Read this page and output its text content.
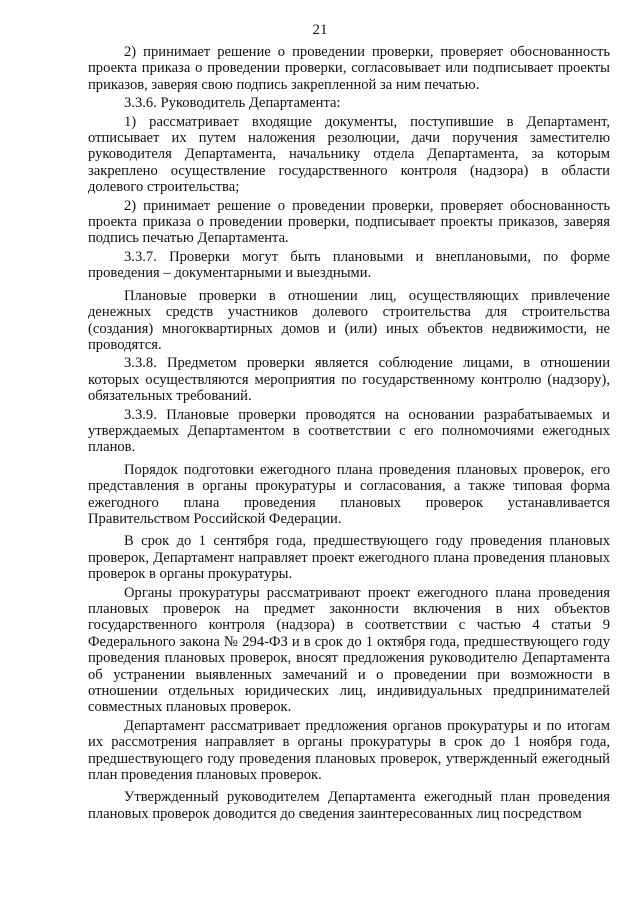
21

2) принимает решение о проведении проверки, проверяет обоснованность проекта приказа о проведении проверки, согласовывает или подписывает проекты приказов, заверяя свою подпись закрепленной за ним печатью.

3.3.6. Руководитель Департамента:

1) рассматривает входящие документы, поступившие в Департамент, отписывает их путем наложения резолюции, дачи поручения заместителю руководителя Департамента, начальнику отдела Департамента, за которым закреплено осуществление государственного контроля (надзора) в области долевого строительства;

2) принимает решение о проведении проверки, проверяет обоснованность проекта приказа о проведении проверки, подписывает проекты приказов, заверяя подпись печатью Департамента.

3.3.7. Проверки могут быть плановыми и внеплановыми, по форме проведения – документарными и выездными.

Плановые проверки в отношении лиц, осуществляющих привлечение денежных средств участников долевого строительства для строительства (создания) многоквартирных домов и (или) иных объектов недвижимости, не проводятся.

3.3.8. Предметом проверки является соблюдение лицами, в отношении которых осуществляются мероприятия по государственному контролю (надзору), обязательных требований.

3.3.9. Плановые проверки проводятся на основании разрабатываемых и утверждаемых Департаментом в соответствии с его полномочиями ежегодных планов.

Порядок подготовки ежегодного плана проведения плановых проверок, его представления в органы прокуратуры и согласования, а также типовая форма ежегодного плана проведения плановых проверок устанавливается Правительством Российской Федерации.

В срок до 1 сентября года, предшествующего году проведения плановых проверок, Департамент направляет проект ежегодного плана проведения плановых проверок в органы прокуратуры.

Органы прокуратуры рассматривают проект ежегодного плана проведения плановых проверок на предмет законности включения в них объектов государственного контроля (надзора) в соответствии с частью 4 статьи 9 Федерального закона № 294-ФЗ и в срок до 1 октября года, предшествующего году проведения плановых проверок, вносят предложения руководителю Департамента об устранении выявленных замечаний и о проведении при возможности в отношении отдельных юридических лиц, индивидуальных предпринимателей совместных плановых проверок.

Департамент рассматривает предложения органов прокуратуры и по итогам их рассмотрения направляет в органы прокуратуры в срок до 1 ноября года, предшествующего году проведения плановых проверок, утвержденный ежегодный план проведения плановых проверок.

Утвержденный руководителем Департамента ежегодный план проведения плановых проверок доводится до сведения заинтересованных лиц посредством
